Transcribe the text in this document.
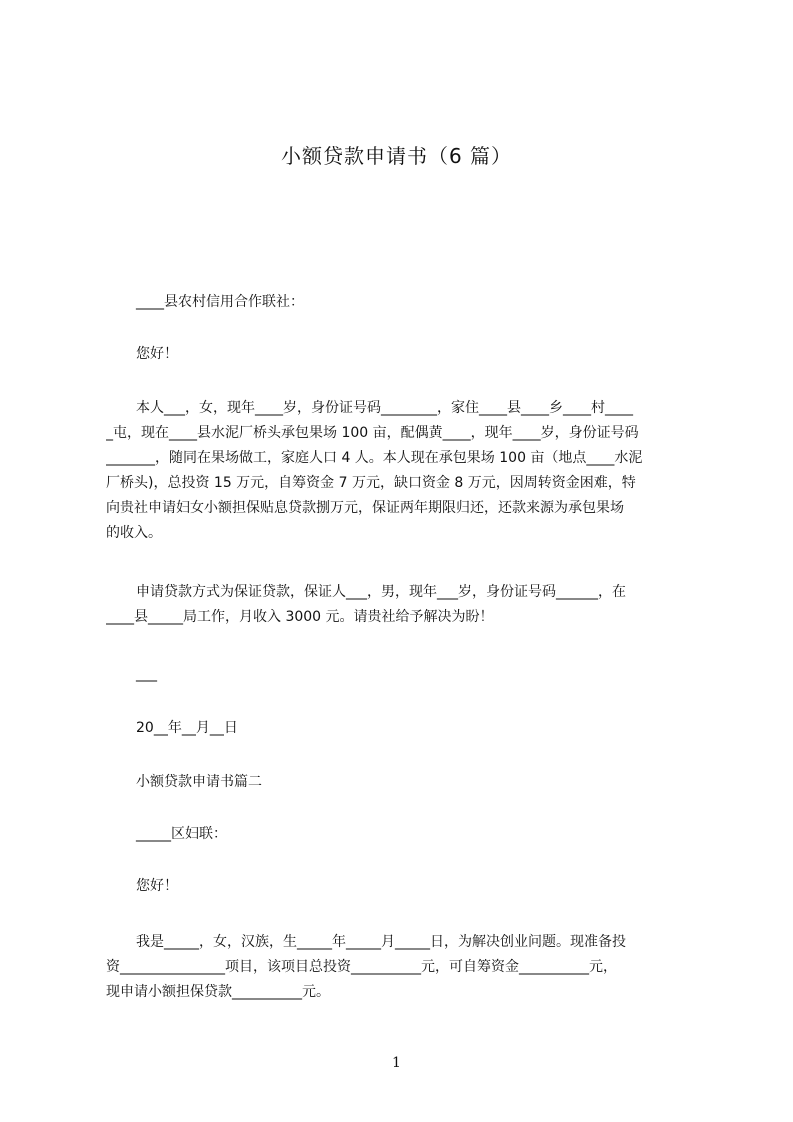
小额贷款申请书（6 篇）
____县农村信用合作联社：
您好！
本人___，女，现年____岁，身份证号码________，家住____县____乡____村____
_屯，现在____县水泥厂桥头承包果场 100 亩，配偶黄____，现年____岁，身份证号码
_______，随同在果场做工，家庭人口 4 人。本人现在承包果场 100 亩（地点____水泥
厂桥头)，总投资 15 万元，自筹资金 7 万元，缺口资金 8 万元，因周转资金困难，特
向贵社申请妇女小额担保贴息贷款捌万元，保证两年期限归还，还款来源为承包果场
的收入。
申请贷款方式为保证贷款，保证人___，男，现年___岁，身份证号码______，在
____县_____局工作，月收入 3000 元。请贵社给予解决为盼！
___
20__年__月__日
小额贷款申请书篇二
_____区妇联：
您好！
我是_____，女，汉族，生_____年_____月_____日，为解决创业问题。现准备投
资_______________项目，该项目总投资__________元，可自筹资金__________元，
现申请小额担保贷款__________元。
1
